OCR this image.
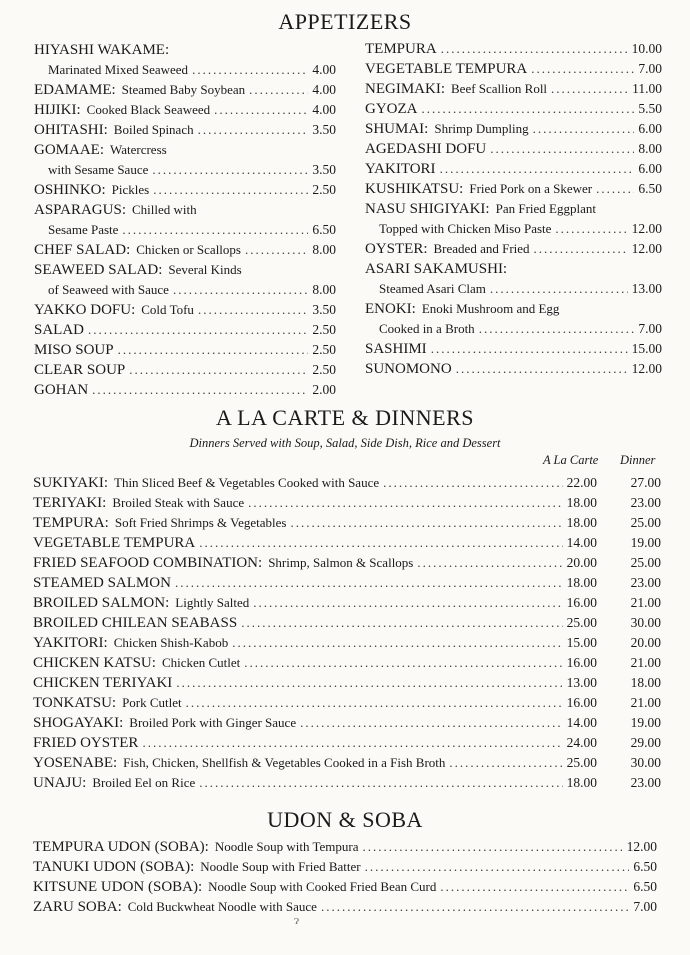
APPETIZERS
HIYASHI WAKAME:
Marinated Mixed Seaweed .....	4.00
EDAMAME: Steamed Baby Soybean .....	4.00
HIJIKI: Cooked Black Seaweed .....	4.00
OHITASHI: Boiled Spinach .....	3.50
GOMAAE: Watercress
with Sesame Sauce .....	3.50
OSHINKO: Pickles .....	2.50
ASPARAGUS: Chilled with
Sesame Paste .....	6.50
CHEF SALAD: Chicken or Scallops .....	8.00
SEAWEED SALAD: Several Kinds
of Seaweed with Sauce .....	8.00
YAKKO DOFU: Cold Tofu .....	3.50
SALAD .....	2.50
MISO SOUP .....	2.50
CLEAR SOUP .....	2.50
GOHAN .....	2.00
TEMPURA .....	10.00
VEGETABLE TEMPURA .....	7.00
NEGIMAKI: Beef Scallion Roll .....	11.00
GYOZA .....	5.50
SHUMAI: Shrimp Dumpling .....	6.00
AGEDASHI DOFU .....	8.00
YAKITORI .....	6.00
KUSHIKATSU: Fried Pork on a Skewer .....	6.50
NASU SHIGIYAKI: Pan Fried Eggplant
Topped with Chicken Miso Paste .....	12.00
OYSTER: Breaded and Fried .....	12.00
ASARI SAKAMUSHI:
Steamed Asari Clam .....	13.00
ENOKI: Enoki Mushroom and Egg
Cooked in a Broth .....	7.00
SASHIMI .....	15.00
SUNOMONO .....	12.00
A LA CARTE & DINNERS
Dinners Served with Soup, Salad, Side Dish, Rice and Dessert
A La Carte Dinner
SUKIYAKI: Thin Sliced Beef & Vegetables Cooked with Sauce .....	22.00	27.00
TERIYAKI: Broiled Steak with Sauce .....	18.00	23.00
TEMPURA: Soft Fried Shrimps & Vegetables .....	18.00	25.00
VEGETABLE TEMPURA .....	14.00	19.00
FRIED SEAFOOD COMBINATION: Shrimp, Salmon & Scallops .....	20.00	25.00
STEAMED SALMON .....	18.00	23.00
BROILED SALMON: Lightly Salted .....	16.00	21.00
BROILED CHILEAN SEABASS .....	25.00	30.00
YAKITORI: Chicken Shish-Kabob .....	15.00	20.00
CHICKEN KATSU: Chicken Cutlet .....	16.00	21.00
CHICKEN TERIYAKI .....	13.00	18.00
TONKATSU: Pork Cutlet .....	16.00	21.00
SHOGAYAKI: Broiled Pork with Ginger Sauce .....	14.00	19.00
FRIED OYSTER .....	24.00	29.00
YOSENABE: Fish, Chicken, Shellfish & Vegetables Cooked in a Fish Broth .....	25.00	30.00
UNAJU: Broiled Eel on Rice .....	18.00	23.00
UDON & SOBA
TEMPURA UDON (SOBA): Noodle Soup with Tempura .....	12.00
TANUKI UDON (SOBA): Noodle Soup with Fried Batter .....	6.50
KITSUNE UDON (SOBA): Noodle Soup with Cooked Fried Bean Curd .....	6.50
ZARU SOBA: Cold Buckwheat Noodle with Sauce .....	7.00
ɂ
